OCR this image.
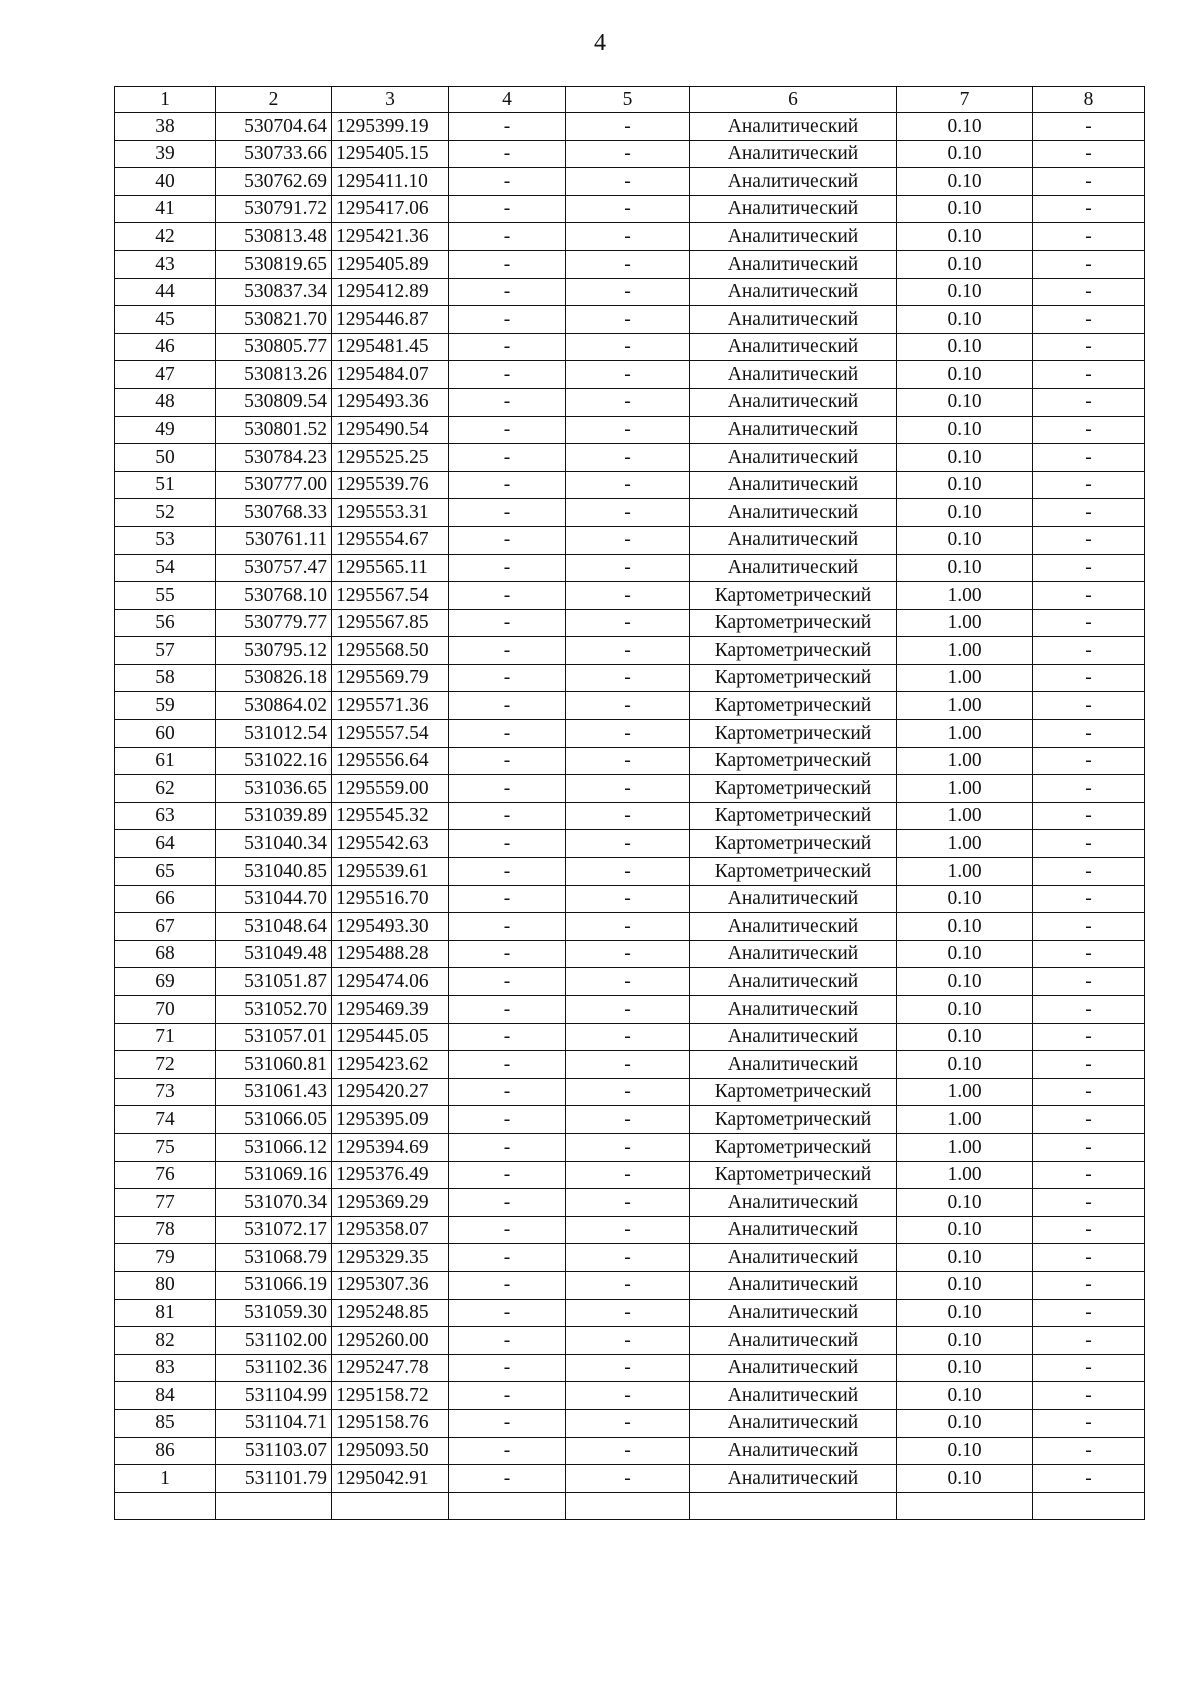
4
1	2	3	4	5	6	7	8
38	530704.64	1295399.19	-	-	Аналитический	0.10	-
39	530733.66	1295405.15	-	-	Аналитический	0.10	-
40	530762.69	1295411.10	-	-	Аналитический	0.10	-
41	530791.72	1295417.06	-	-	Аналитический	0.10	-
42	530813.48	1295421.36	-	-	Аналитический	0.10	-
43	530819.65	1295405.89	-	-	Аналитический	0.10	-
44	530837.34	1295412.89	-	-	Аналитический	0.10	-
45	530821.70	1295446.87	-	-	Аналитический	0.10	-
46	530805.77	1295481.45	-	-	Аналитический	0.10	-
47	530813.26	1295484.07	-	-	Аналитический	0.10	-
48	530809.54	1295493.36	-	-	Аналитический	0.10	-
49	530801.52	1295490.54	-	-	Аналитический	0.10	-
50	530784.23	1295525.25	-	-	Аналитический	0.10	-
51	530777.00	1295539.76	-	-	Аналитический	0.10	-
52	530768.33	1295553.31	-	-	Аналитический	0.10	-
53	530761.11	1295554.67	-	-	Аналитический	0.10	-
54	530757.47	1295565.11	-	-	Аналитический	0.10	-
55	530768.10	1295567.54	-	-	Картометрический	1.00	-
56	530779.77	1295567.85	-	-	Картометрический	1.00	-
57	530795.12	1295568.50	-	-	Картометрический	1.00	-
58	530826.18	1295569.79	-	-	Картометрический	1.00	-
59	530864.02	1295571.36	-	-	Картометрический	1.00	-
60	531012.54	1295557.54	-	-	Картометрический	1.00	-
61	531022.16	1295556.64	-	-	Картометрический	1.00	-
62	531036.65	1295559.00	-	-	Картометрический	1.00	-
63	531039.89	1295545.32	-	-	Картометрический	1.00	-
64	531040.34	1295542.63	-	-	Картометрический	1.00	-
65	531040.85	1295539.61	-	-	Картометрический	1.00	-
66	531044.70	1295516.70	-	-	Аналитический	0.10	-
67	531048.64	1295493.30	-	-	Аналитический	0.10	-
68	531049.48	1295488.28	-	-	Аналитический	0.10	-
69	531051.87	1295474.06	-	-	Аналитический	0.10	-
70	531052.70	1295469.39	-	-	Аналитический	0.10	-
71	531057.01	1295445.05	-	-	Аналитический	0.10	-
72	531060.81	1295423.62	-	-	Аналитический	0.10	-
73	531061.43	1295420.27	-	-	Картометрический	1.00	-
74	531066.05	1295395.09	-	-	Картометрический	1.00	-
75	531066.12	1295394.69	-	-	Картометрический	1.00	-
76	531069.16	1295376.49	-	-	Картометрический	1.00	-
77	531070.34	1295369.29	-	-	Аналитический	0.10	-
78	531072.17	1295358.07	-	-	Аналитический	0.10	-
79	531068.79	1295329.35	-	-	Аналитический	0.10	-
80	531066.19	1295307.36	-	-	Аналитический	0.10	-
81	531059.30	1295248.85	-	-	Аналитический	0.10	-
82	531102.00	1295260.00	-	-	Аналитический	0.10	-
83	531102.36	1295247.78	-	-	Аналитический	0.10	-
84	531104.99	1295158.72	-	-	Аналитический	0.10	-
85	531104.71	1295158.76	-	-	Аналитический	0.10	-
86	531103.07	1295093.50	-	-	Аналитический	0.10	-
1	531101.79	1295042.91	-	-	Аналитический	0.10	-
